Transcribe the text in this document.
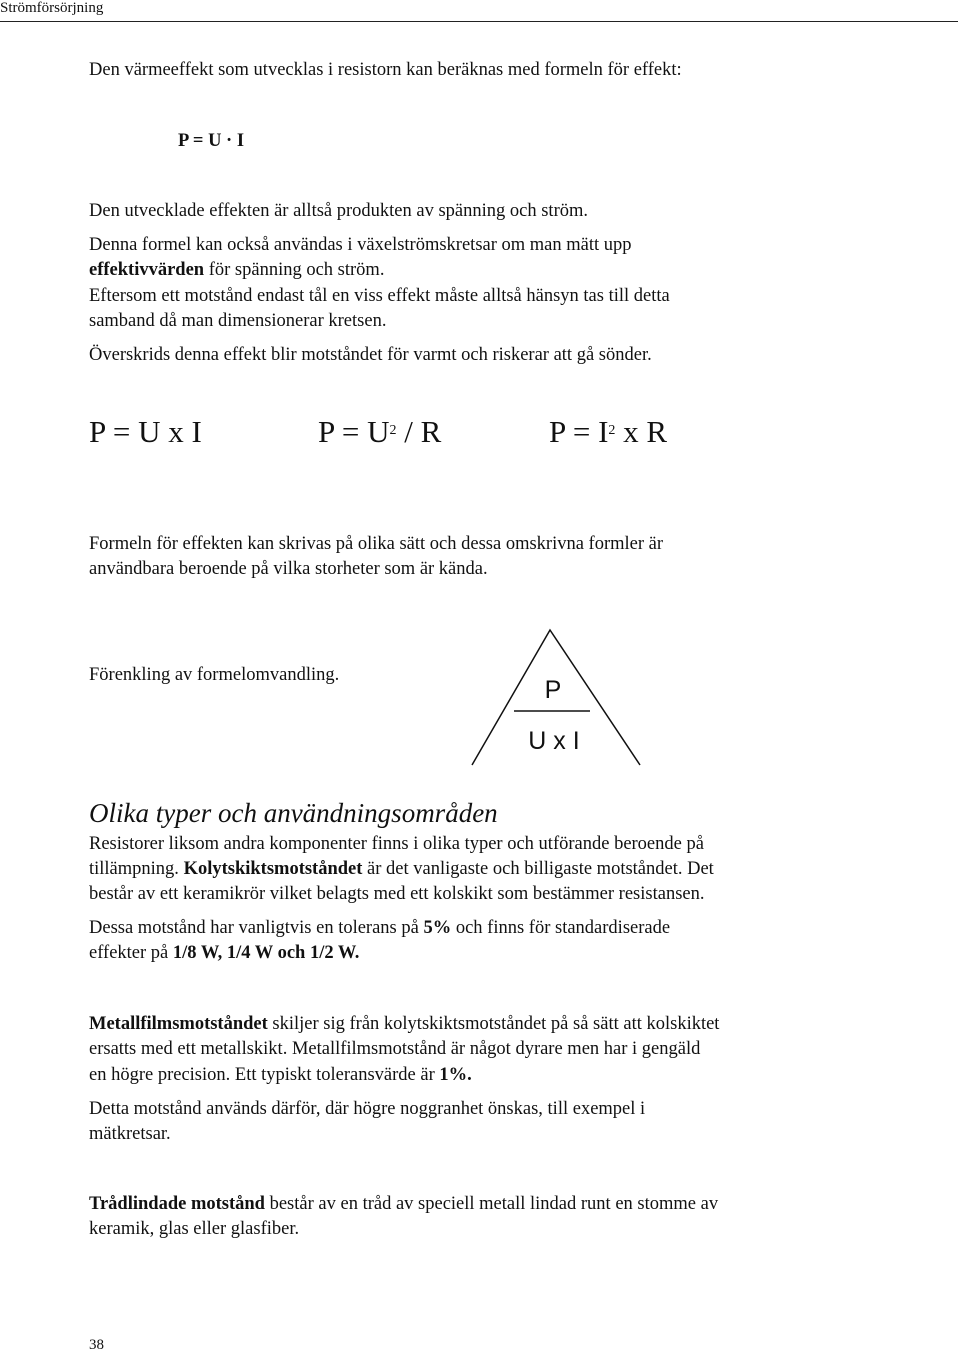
Strömförsörjning

Den värmeeffekt som utvecklas i resistorn kan beräknas med formeln för effekt:

P = U · I

Den utvecklade effekten är alltså produkten av spänning och ström.

Denna formel kan också användas i växelströmskretsar om man mätt upp

effektivvärden för spänning och ström.

Eftersom ett motstånd endast tål en viss effekt måste alltså hänsyn tas till detta

samband då man dimensionerar kretsen.

Överskrids denna effekt blir motståndet för varmt och riskerar att gå sönder.

P = U x I	$P = U^2 / R$	$P = I^2$ x R

Formeln för effekten kan skrivas på olika sätt och dessa omskrivna formler är

användbara beroende på vilka storheter som är kända.

Förenkling av formelomvandling.

P
U x I
Olika typer och användningsområden

Resistorer liksom andra komponenter finns i olika typer och utförande beroende på

tillämpning. Kolytskiktsmotståndet är det vanligaste och billigaste motståndet. Det

består av ett keramikrör vilket belagts med ett kolskikt som bestämmer resistansen.

Dessa motstånd har vanligtvis en tolerans på 5% och finns för standardiserade

effekter på 1/8 W, 1/4 W och 1/2 W.

Metallfilmsmotståndet skiljer sig från kolytskiktsmotståndet på så sätt att kolskiktet

ersatts med ett metallskikt. Metallfilmsmotstånd är något dyrare men har i gengäld

en högre precision. Ett typiskt toleransvärde är 1%.

Detta motstånd används därför, där högre noggranhet önskas, till exempel i

mätkretsar.

Trådlindade motstånd består av en tråd av speciell metall lindad runt en stomme av

keramik, glas eller glasfiber.

38
